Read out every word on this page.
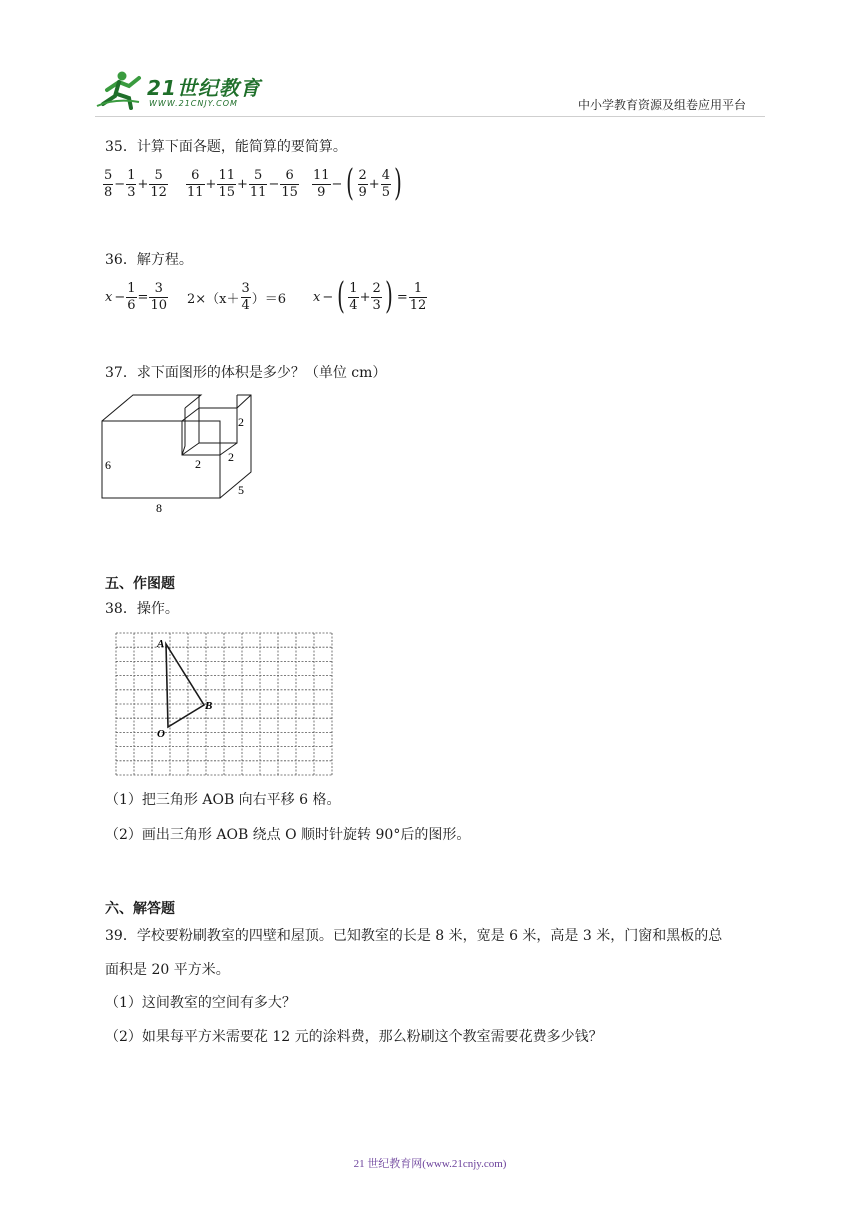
21世纪教育
WWW.21CNJY.COM	中小学教育资源及组卷应用平台
35．计算下面各题，能简算的要简算。
$\frac{5}{8} - \frac{1}{3} + \frac{5}{12} \frac{6}{11} + \frac{11}{15} + \frac{5}{11} - \frac{6}{15} \frac{11}{9}$ − ( $\frac{2}{9} + \frac{4}{5}$ )
36．解方程。
$x - \frac{1}{6} = \frac{3}{10} 2\times(x+ \frac{3}{4} )=6$ x − ( $\frac{1}{4} + \frac{2}{3}$ ) = $\frac{1}{12}$
37．求下面图形的体积是多少？（单位 cm）
6
8
5
2
2 2
五、作图题
38．操作。
A
B
O
（1）把三角形 AOB 向右平移 6 格。
（2）画出三角形 AOB 绕点 O 顺时针旋转 90°后的图形。
六、解答题
39．学校要粉刷教室的四壁和屋顶。已知教室的长是 8 米，宽是 6 米，高是 3 米，门窗和黑板的总
面积是 20 平方米。
（1）这间教室的空间有多大？
（2）如果每平方米需要花 12 元的涂料费，那么粉刷这个教室需要花费多少钱？
21 世纪教育网(www.21cnjy.com)
